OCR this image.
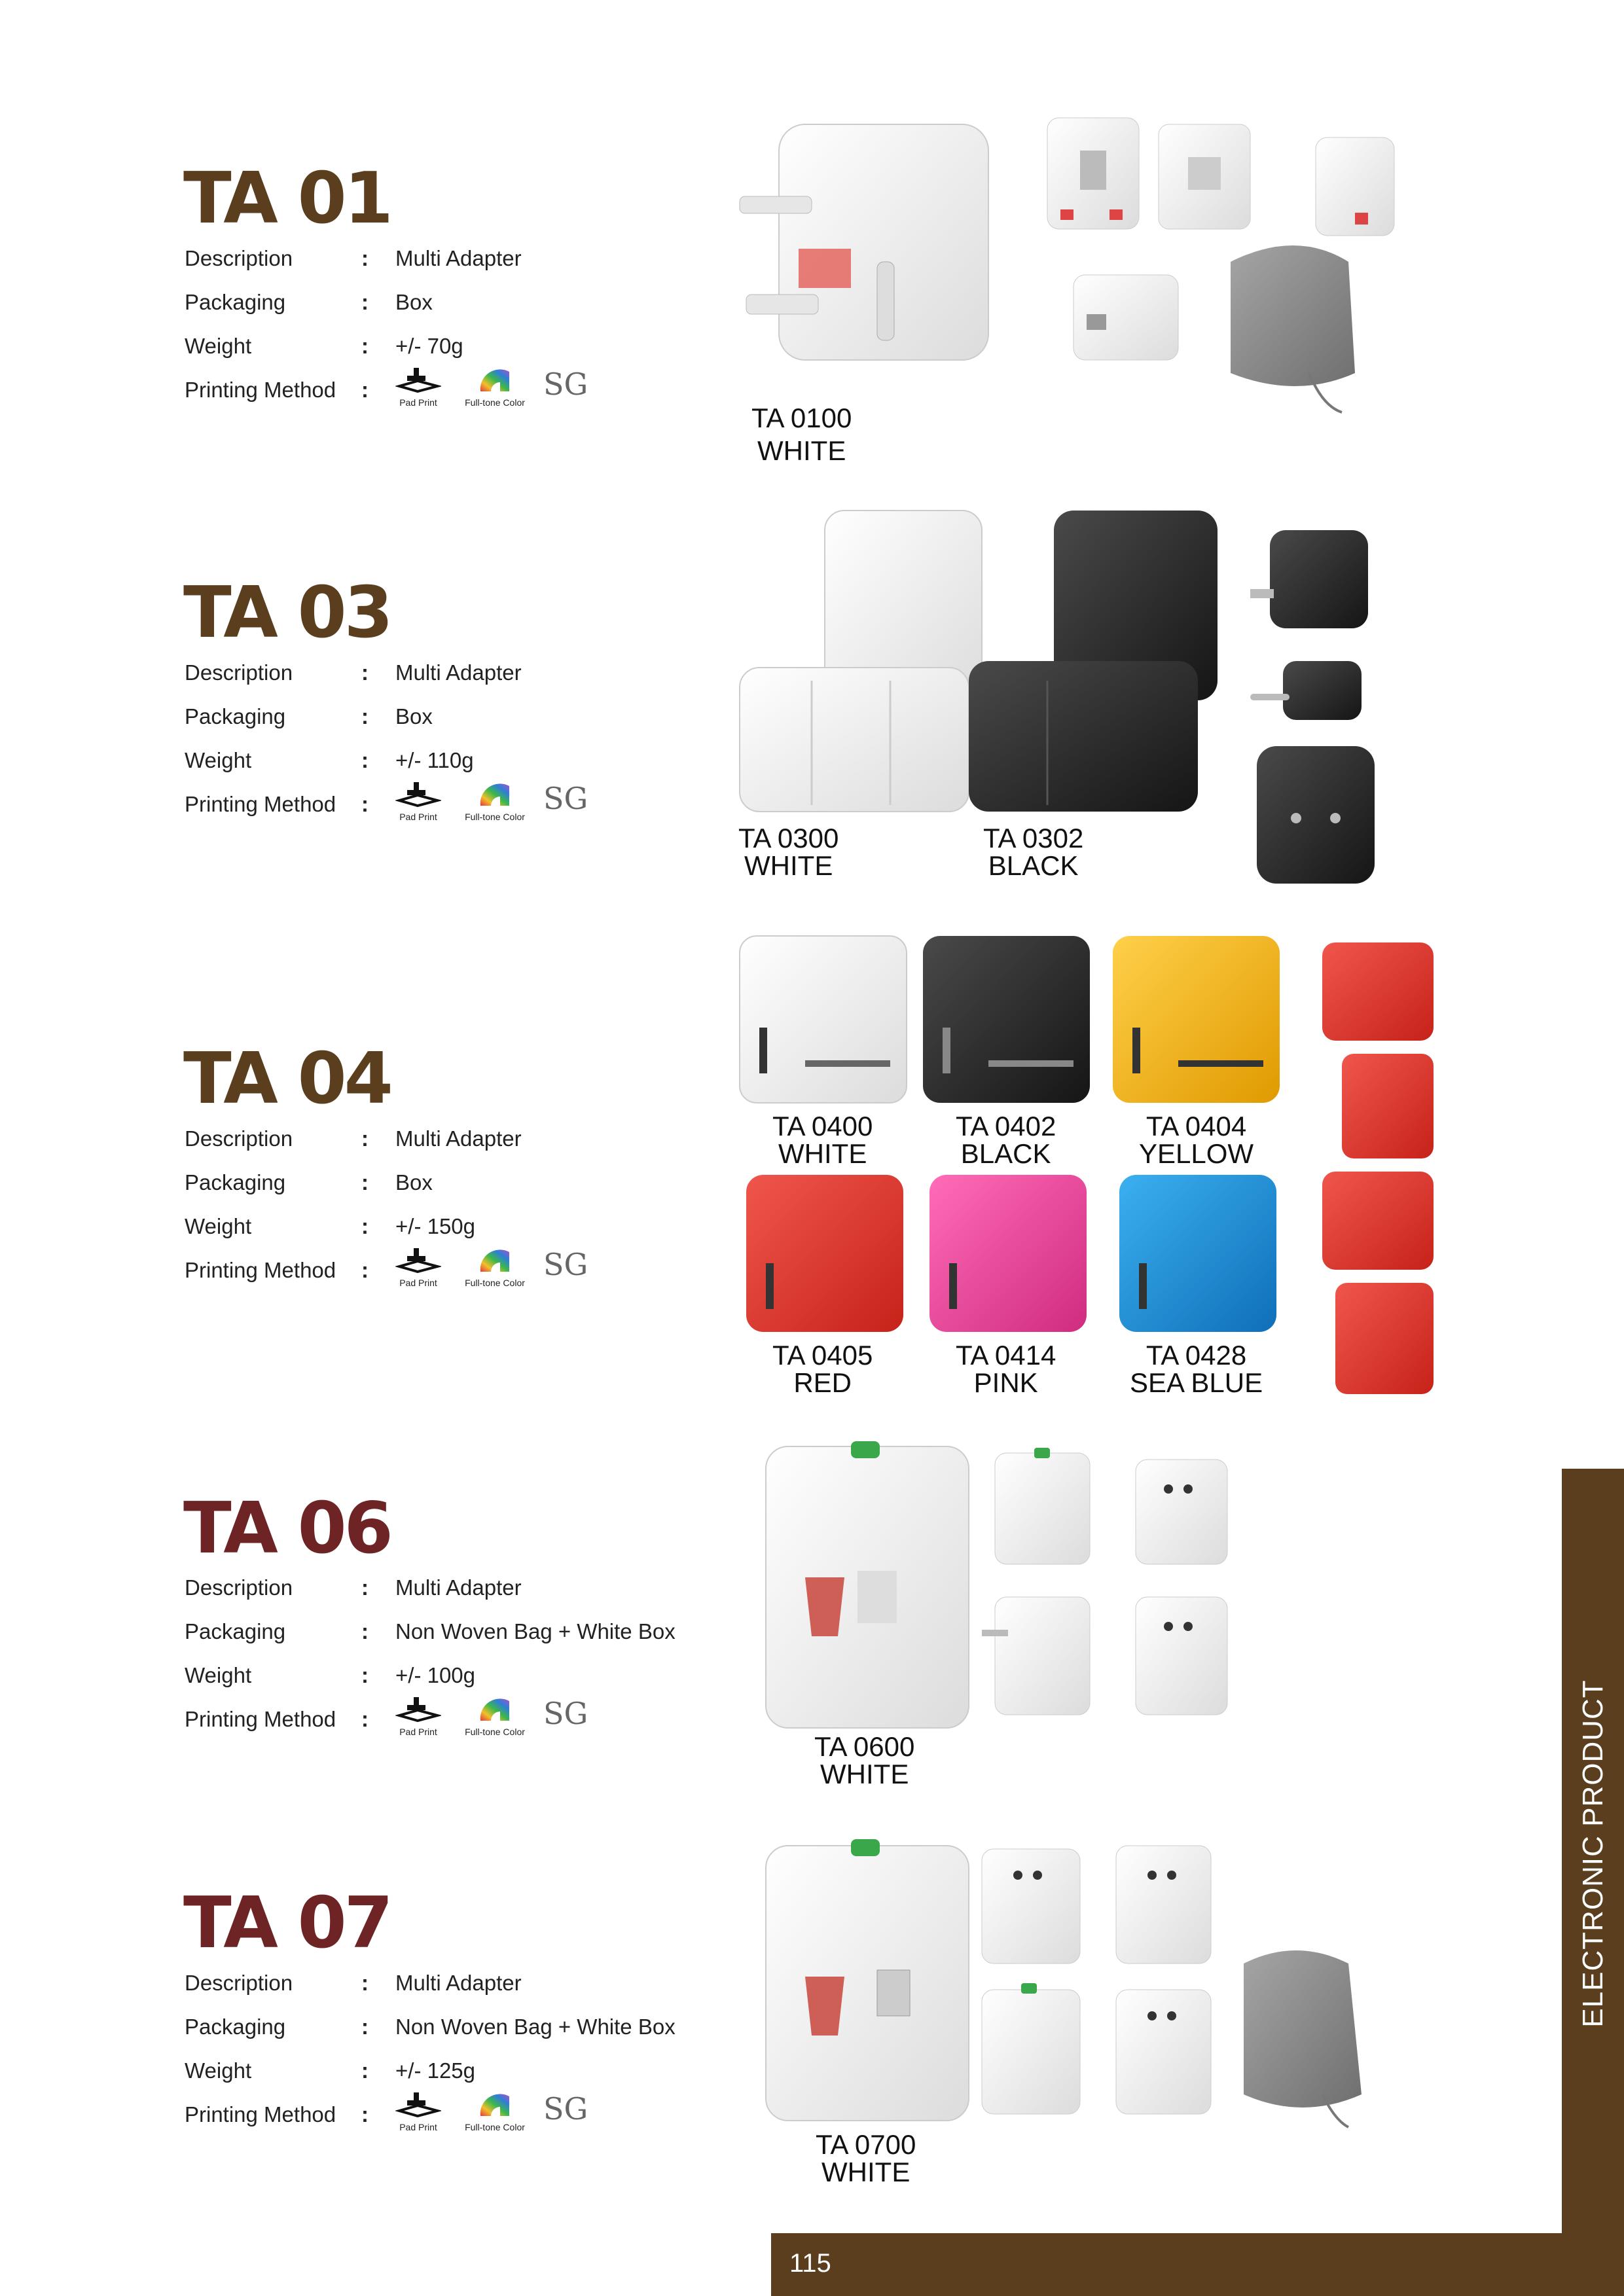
TA 01
Description	: Multi Adapter
Packaging	: Box
Weight	: +/- 70g
Printing Method :
Pad Print	Full-tone Color
SG
TA 0100
WHITE
TA 03
Description	: Multi Adapter
Packaging	: Box
Weight	: +/- 110g
Printing Method :
Pad Print	Full-tone Color
SG
TA 0300
WHITE
TA 0302
BLACK
TA 04
Description	: Multi Adapter
Packaging	: Box
Weight	: +/- 150g
Printing Method :
Pad Print	Full-tone Color
SG
TA 0400
WHITE
TA 0402
BLACK
TA 0404
YELLOW
TA 0405
RED
TA 0414
PINK
TA 0428
SEA BLUE
TA 06
Description	: Multi Adapter
Packaging	: Non Woven Bag + White Box
Weight	: +/- 100g
Printing Method :
Pad Print	Full-tone Color
SG
TA 0600
WHITE
TA 07
Description	: Multi Adapter
Packaging	: Non Woven Bag + White Box
Weight	: +/- 125g
Printing Method :
Pad Print	Full-tone Color
SG
TA 0700
WHITE
ELECTRONIC PRODUCT
115
